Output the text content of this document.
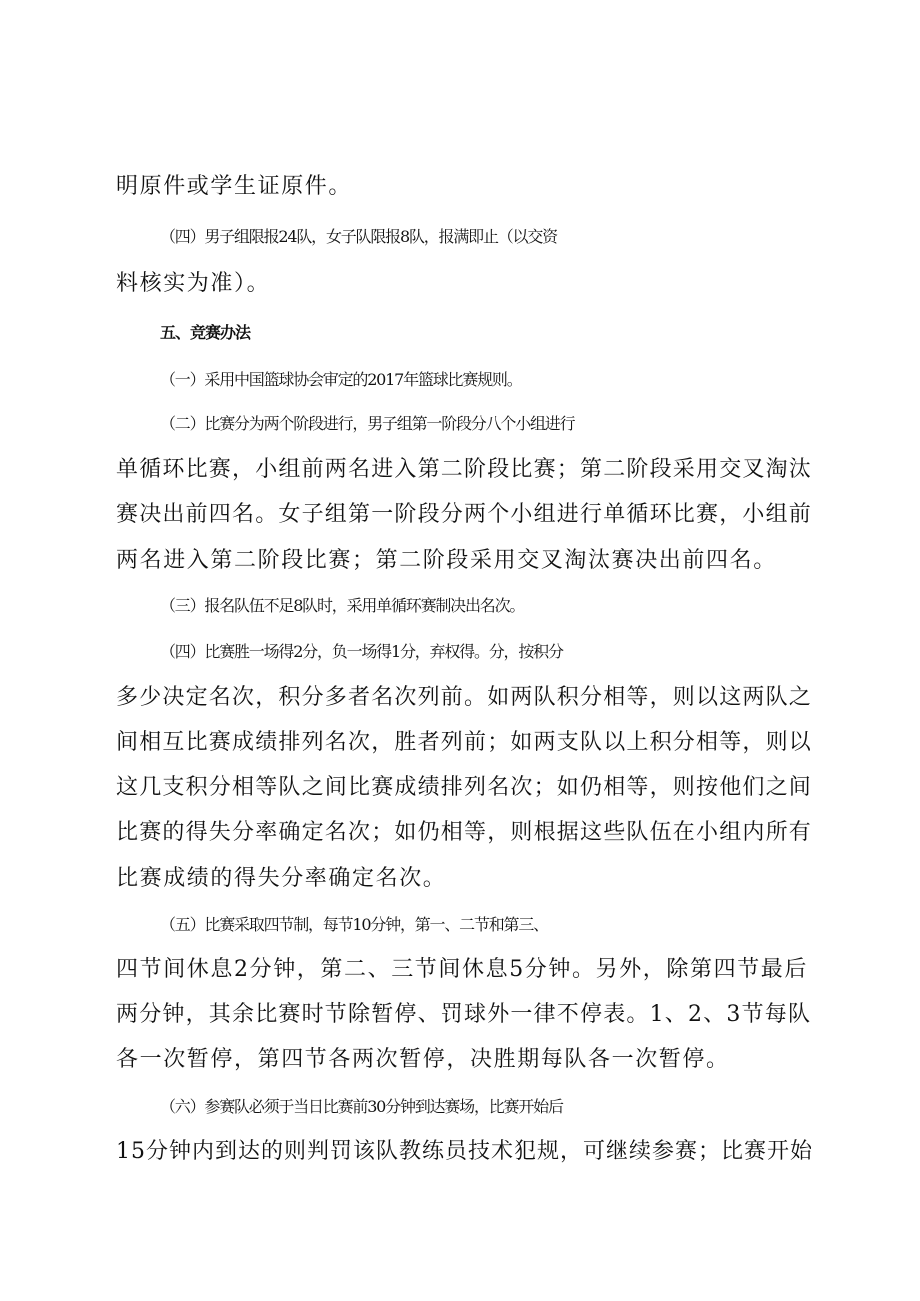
明原件或学生证原件。
（四）男子组限报24队，女子队限报8队，报满即止（以交资
料核实为准）。
五、竞赛办法
（一）采用中国篮球协会审定的2017年篮球比赛规则。
（二）比赛分为两个阶段进行，男子组第一阶段分八个小组进行
单循环比赛，小组前两名进入第二阶段比赛；第二阶段采用交叉淘汰
赛决出前四名。女子组第一阶段分两个小组进行单循环比赛，小组前
两名进入第二阶段比赛；第二阶段采用交叉淘汰赛决出前四名。
（三）报名队伍不足8队时，采用单循环赛制决出名次。
（四）比赛胜一场得2分，负一场得1分，弃权得。分，按积分
多少决定名次，积分多者名次列前。如两队积分相等，则以这两队之
间相互比赛成绩排列名次，胜者列前；如两支队以上积分相等，则以
这几支积分相等队之间比赛成绩排列名次；如仍相等，则按他们之间
比赛的得失分率确定名次；如仍相等，则根据这些队伍在小组内所有
比赛成绩的得失分率确定名次。
（五）比赛采取四节制，每节10分钟，第一、二节和第三、
四节间休息2分钟，第二、三节间休息5分钟。另外，除第四节最后
两分钟，其余比赛时节除暂停、罚球外一律不停表。1、2、3节每队
各一次暂停，第四节各两次暂停，决胜期每队各一次暂停。
（六）参赛队必须于当日比赛前30分钟到达赛场，比赛开始后
15分钟内到达的则判罚该队教练员技术犯规，可继续参赛；比赛开始
